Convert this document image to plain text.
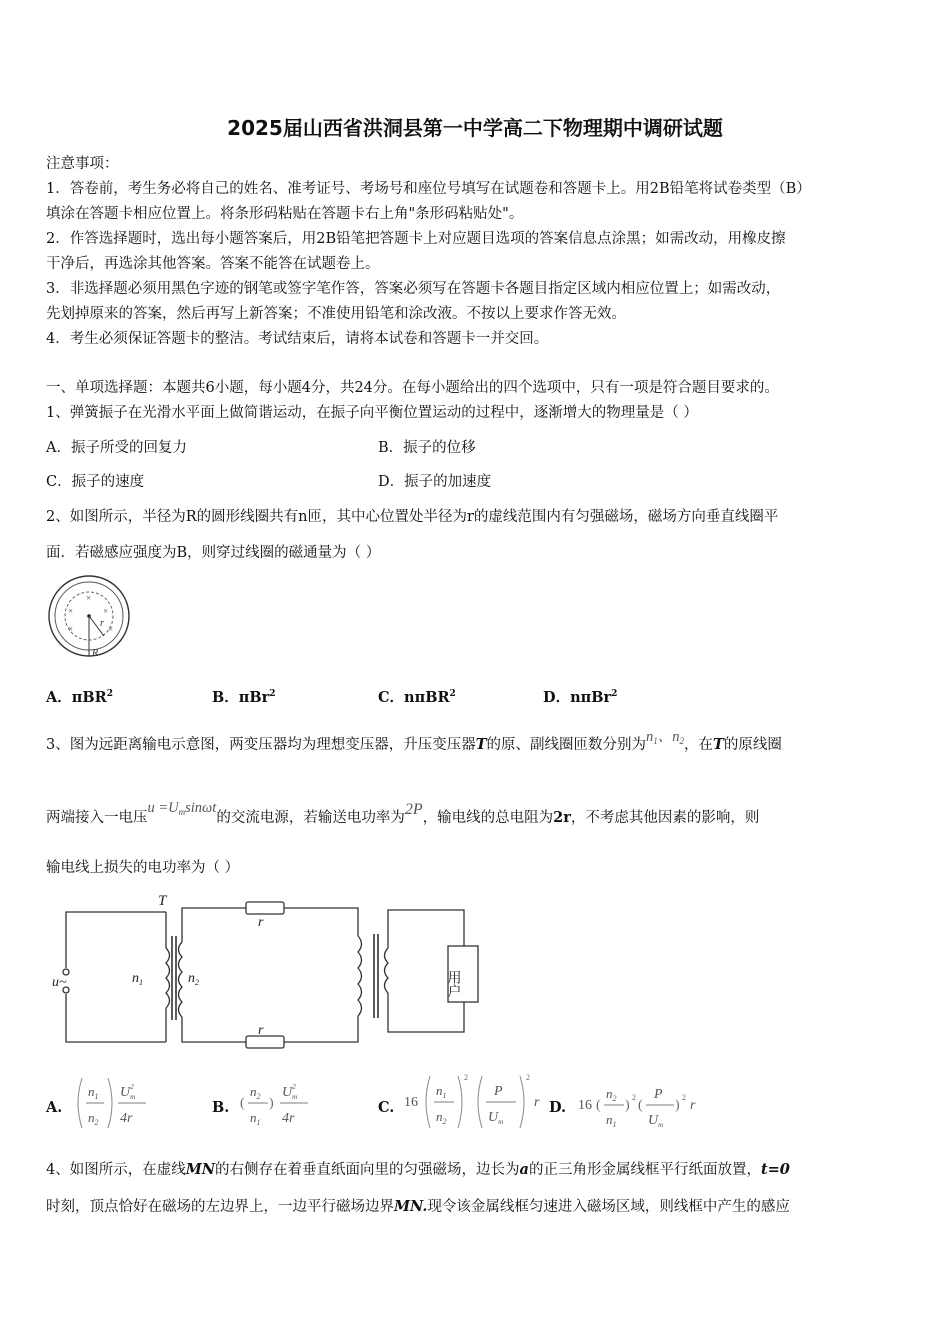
2025届山西省洪洞县第一中学高二下物理期中调研试题
注意事项：
1．答卷前，考生务必将自己的姓名、准考证号、考场号和座位号填写在试题卷和答题卡上。用2B铅笔将试卷类型（B）
填涂在答题卡相应位置上。将条形码粘贴在答题卡右上角"条形码粘贴处"。
2．作答选择题时，选出每小题答案后，用2B铅笔把答题卡上对应题目选项的答案信息点涂黑；如需改动，用橡皮擦
干净后，再选涂其他答案。答案不能答在试题卷上。
3．非选择题必须用黑色字迹的钢笔或签字笔作答，答案必须写在答题卡各题目指定区域内相应位置上；如需改动，
先划掉原来的答案，然后再写上新答案；不准使用铅笔和涂改液。不按以上要求作答无效。
4．考生必须保证答题卡的整洁。考试结束后，请将本试卷和答题卡一并交回。
一、单项选择题：本题共6小题，每小题4分，共24分。在每小题给出的四个选项中，只有一项是符合题目要求的。
1、弹簧振子在光滑水平面上做简谐运动，在振子向平衡位置运动的过程中，逐渐增大的物理量是（ ）
A．振子所受的回复力	B．振子的位移
C．振子的速度	D．振子的加速度
2、如图所示，半径为R的圆形线圈共有n匝，其中心位置处半径为r的虚线范围内有匀强磁场，磁场方向垂直线圈平
面．若磁感应强度为B，则穿过线圈的磁通量为（ ）
×
×	×
×	×
r
R
A．πBR$^2$	B．πBr$^2$	C．nπBR$^2$	D．nπBr$^2$
3、图为远距离输电示意图，两变压器均为理想变压器，升压变压器T的原、副线圈匝数分别为$n_1$、$n_2$，在T的原线圈
两端接入一电压$u =U_m\sin\omega t$的交流电源，若输送电功率为2P，输电线的总电阻为2r，不考虑其他因素的影响，则
输电线上损失的电功率为（ ）
T
r
r
u~	$n_1$	$n_2$	用户
A.
$n_1$
$n_2$
$U_m2$
4r
B. (
$n_2$
$n_1$
)
$U_m2$
4r
C. 16
$n_1$
$n_2$
2
P
$U_m$
2
r D. 16 (
$n_2$
$n_1$
)
2
(
P
$U_m$
)
2
r
4、如图所示，在虚线MN的右侧存在着垂直纸面向里的匀强磁场，边长为a的正三角形金属线框平行纸面放置，t=0
时刻，顶点恰好在磁场的左边界上，一边平行磁场边界MN.现令该金属线框匀速进入磁场区域，则线框中产生的感应
